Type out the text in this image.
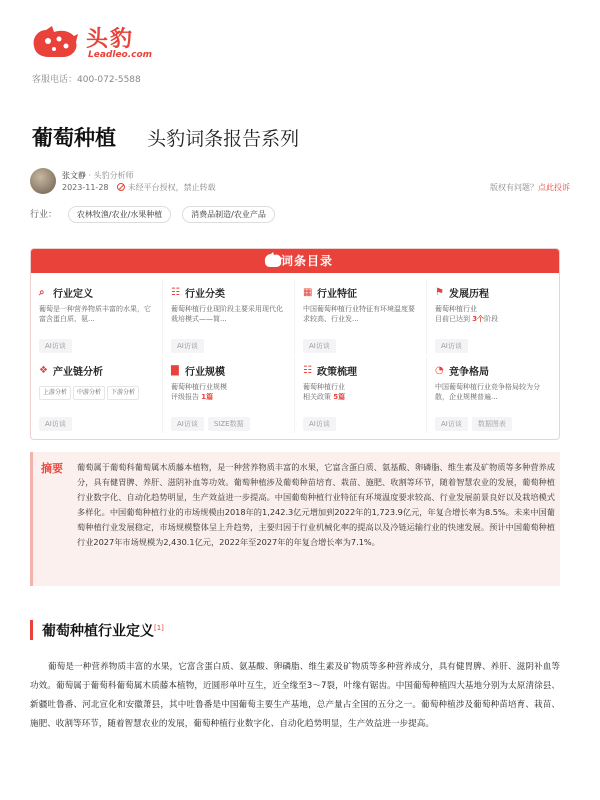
头豹
Leadleo.com
客服电话：400-072-5588
葡萄种植 头豹词条报告系列
张文静 · 头豹分析师
2023-11-28 未经平台授权，禁止转载	版权有问题？点此投诉
行业： 农林牧渔/农业/水果种植	消费品制造/农业产品
词条目录
⌕ 行业定义
葡萄是一种营养物质丰富的水果，它富含蛋白质、氨...
AI访谈
☷ 行业分类
葡萄种植行业现阶段主要采用现代化栽培模式——简...
AI访谈
▦ 行业特征
中国葡萄种植行业特征有环境温度要求较高、行业发...
AI访谈
⚑ 发展历程
葡萄种植行业
目前已达到 3个阶段
AI访谈
❖ 产业链分析
上游分析 中游分析 下游分析
AI访谈
▇ 行业规模
葡萄种植行业规模
评级报告 1篇
AI访谈 SIZE数据
☷ 政策梳理
葡萄种植行业
相关政策 5篇
AI访谈
◔ 竞争格局
中国葡萄种植行业竞争格局较为分散，企业规模普遍...
AI访谈 数据图表
摘要 葡萄属于葡萄科葡萄属木质藤本植物，是一种营养物质丰富的水果，它富含蛋白质、氨基酸、卵磷脂、维生素及矿物质等多种营养成分，具有健胃脾、养肝、滋阴补血等功效。葡萄种植涉及葡萄种苗培育、栽苗、施肥、收割等环节，随着智慧农业的发展，葡萄种植行业数字化、自动化趋势明显，生产效益进一步提高。中国葡萄种植行业特征有环境温度要求较高、行业发展前景良好以及栽培模式多样化。中国葡萄种植行业的市场规模由2018年的1,242.3亿元增加到2022年的1,723.9亿元，年复合增长率为8.5%。未来中国葡萄种植行业发展稳定，市场规模整体呈上升趋势，主要归因于行业机械化率的提高以及冷链运输行业的快速发展。预计中国葡萄种植行业2027年市场规模为2,430.1亿元，2022年至2027年的年复合增长率为7.1%。
葡萄种植行业定义[1]
葡萄是一种营养物质丰富的水果，它富含蛋白质、氨基酸、卵磷脂、维生素及矿物质等多种营养成分，具有健胃脾、养肝、滋阴补血等功效。葡萄属于葡萄科葡萄属木质藤本植物，近圆形单叶互生，近全缘至3～7裂，叶缘有锯齿。中国葡萄种植四大基地分别为太原清徐县、新疆吐鲁番、河北宣化和安徽萧县，其中吐鲁番是中国葡萄主要生产基地，总产量占全国的五分之一。葡萄种植涉及葡萄种苗培育、栽苗、施肥、收割等环节，随着智慧农业的发展，葡萄种植行业数字化、自动化趋势明显，生产效益进一步提高。
